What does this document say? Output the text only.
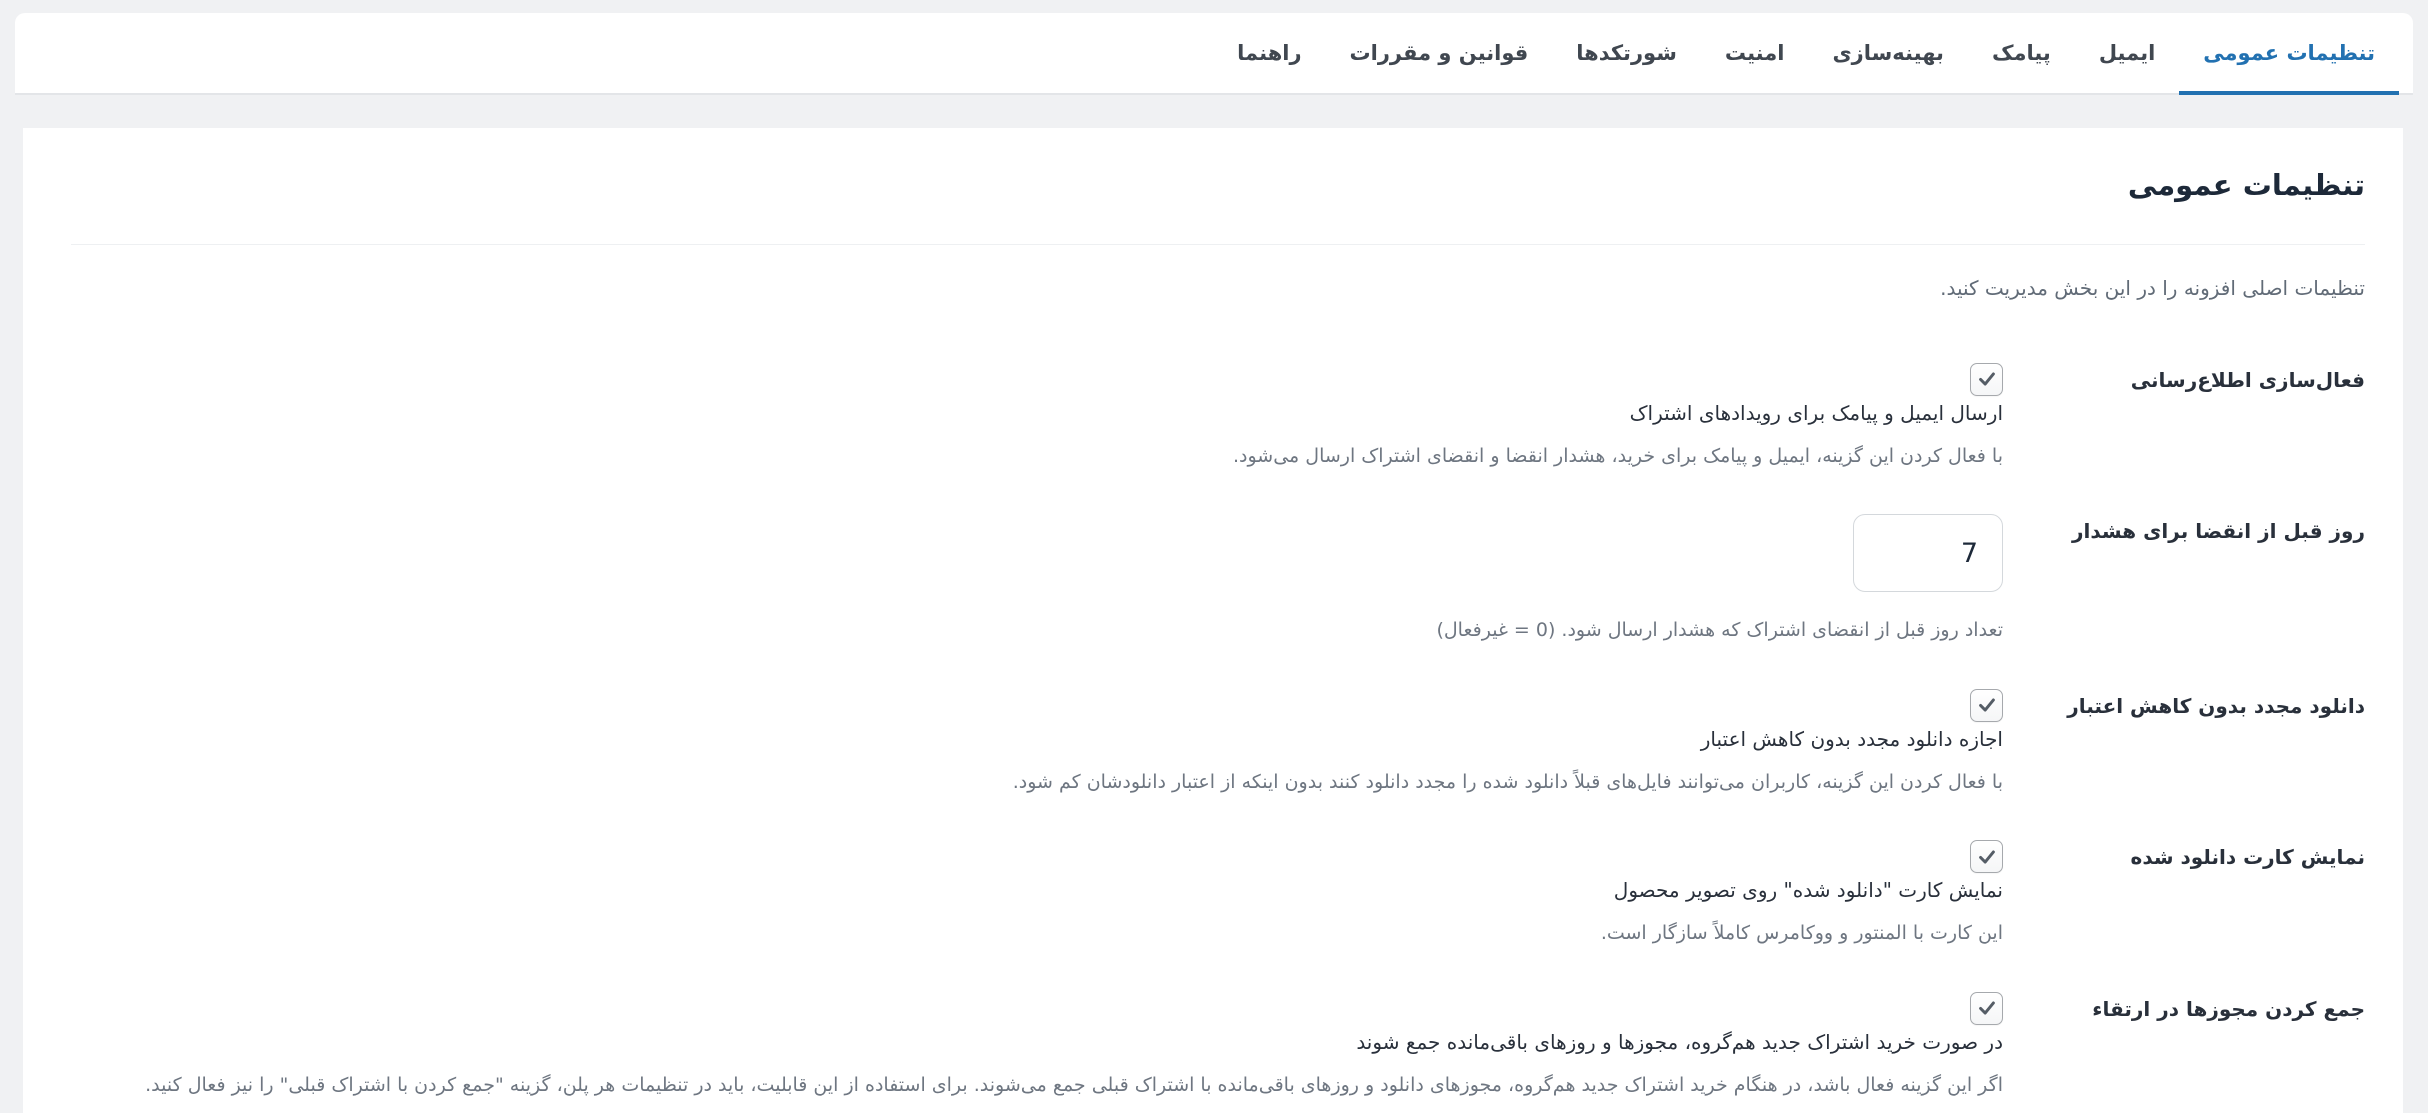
تنظیمات عمومی
ایمیل
پیامک
بهینه‌سازی
امنیت
شورتکدها
قوانین و مقررات
راهنما
تنظیمات عمومی

تنظیمات اصلی افزونه را در این بخش مدیریت کنید.

فعال‌سازی اطلاع‌رسانی
ارسال ایمیل و پیامک برای رویدادهای اشتراک

با فعال کردن این گزینه، ایمیل و پیامک برای خرید، هشدار انقضا و انقضای اشتراک ارسال می‌شود.

روز قبل از انقضا برای هشدار
7

تعداد روز قبل از انقضای اشتراک که هشدار ارسال شود. (0 = غیرفعال)

دانلود مجدد بدون کاهش اعتبار
اجازه دانلود مجدد بدون کاهش اعتبار

با فعال کردن این گزینه، کاربران می‌توانند فایل‌های قبلاً دانلود شده را مجدد دانلود کنند بدون اینکه از اعتبار دانلودشان کم شود.

نمایش کارت دانلود شده
نمایش کارت "دانلود شده" روی تصویر محصول

این کارت با المنتور و ووکامرس کاملاً سازگار است.

جمع کردن مجوزها در ارتقاء
در صورت خرید اشتراک جدید هم‌گروه، مجوزها و روزهای باقی‌مانده جمع شوند

اگر این گزینه فعال باشد، در هنگام خرید اشتراک جدید هم‌گروه، مجوزهای دانلود و روزهای باقی‌مانده با اشتراک قبلی جمع می‌شوند. برای استفاده از این قابلیت، باید در تنظیمات هر پلن، گزینه "جمع کردن با اشتراک قبلی" را نیز فعال کنید.
